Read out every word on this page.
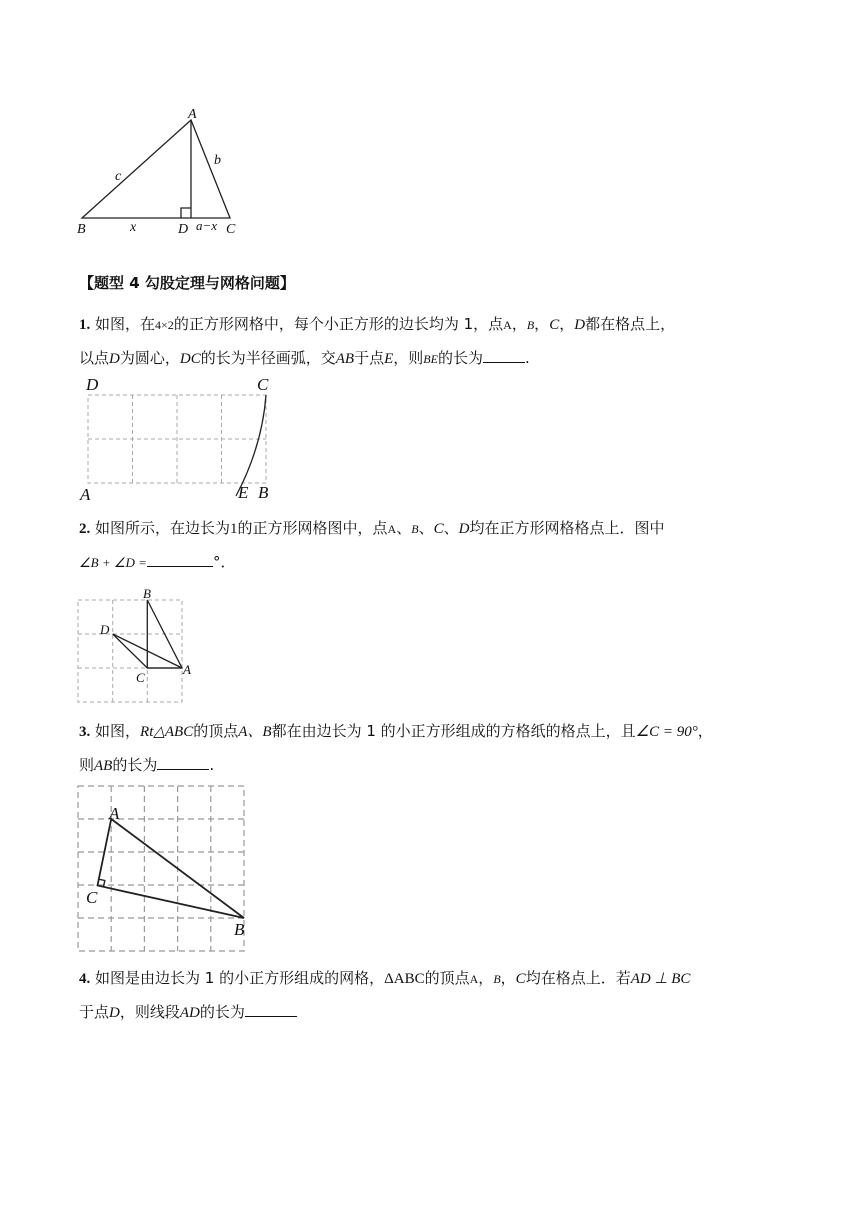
A
B	C
D
b
c
x	a−x
【题型 4 勾股定理与网格问题】
1. 如图，在4×2的正方形网格中，每个小正方形的边长均为 1，点A，B，C，D都在格点上，
以点D为圆心，DC的长为半径画弧，交AB于点E，则BE的长为	.
D	C
A	E B
2. 如图所示，在边长为1的正方形网格图中，点A、B、C、D均在正方形网格格点上．图中
∠B + ∠D =	°．
B
D
A
C
3. 如图，Rt△ABC的顶点A、B都在由边长为 1 的小正方形组成的方格纸的格点上，且∠C = 90°，
则AB的长为	.
A
C
B
4. 如图是由边长为 1 的小正方形组成的网格，ΔABC的顶点A，B，C均在格点上．若AD ⊥ BC
于点D，则线段AD的长为
